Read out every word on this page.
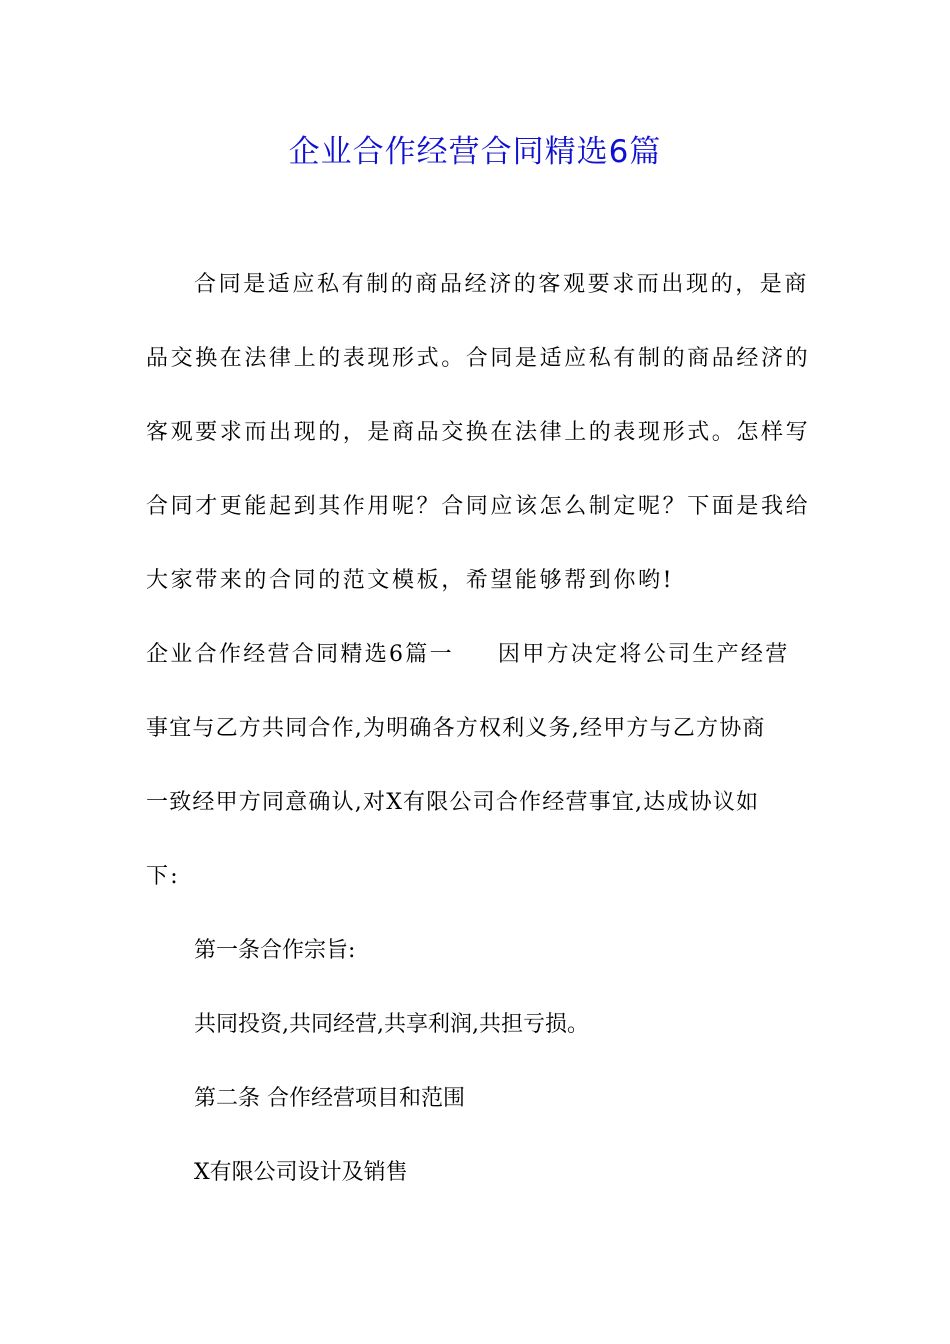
企业合作经营合同精选6篇
合同是适应私有制的商品经济的客观要求而出现的，是商
品交换在法律上的表现形式。合同是适应私有制的商品经济的
客观要求而出现的，是商品交换在法律上的表现形式。怎样写
合同才更能起到其作用呢？合同应该怎么制定呢？下面是我给
大家带来的合同的范文模板，希望能够帮到你哟!
企业合作经营合同精选6篇一 因甲方决定将公司生产经营
事宜与乙方共同合作,为明确各方权利义务,经甲方与乙方协商
一致经甲方同意确认,对X有限公司合作经营事宜,达成协议如
下:
第一条合作宗旨:
共同投资,共同经营,共享利润,共担亏损。
第二条 合作经营项目和范围
X有限公司设计及销售
